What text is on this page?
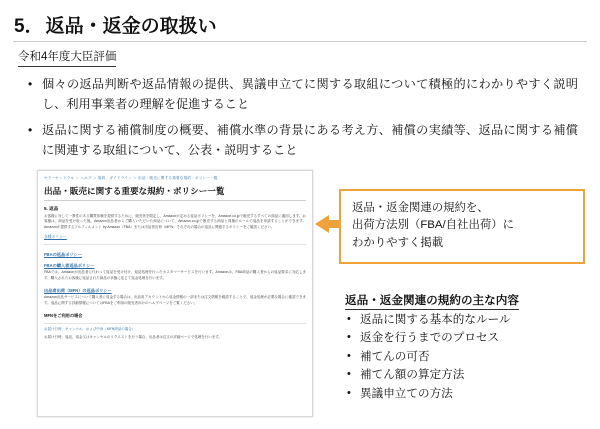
5． 返品・返金の取扱い
令和4年度大臣評価
• 個々の返品判断や返品情報の提供、異議申立てに関する取組について積極的にわかりやすく説明し、利用事業者の理解を促進すること
• 返品に関する補償制度の概要、補償水準の背景にある考え方、補償の実績等、返品に関する補償に関連する取組について、公表・説明すること
セラーセントラル ＞ ヘルプ ＞ 規約、ガイドライン ＞ 出品・販売に関する重要な規約・ポリシー一覧
出品・販売に関する重要な規約・ポリシー一覧
5. 返品
お客様に対して一貫性のある購買体験を提供するために、販売者を限定し、Amazonが定める返品ポリシーを、Amazon.co.jpで販売するすべての商品に適用します。お客様は、商品を受け取った後、Amazon出品者からご購入いただいた商品について、Amazon.co.jpで販売する商品と同様のルールで返品を申請することができます。Amazonが提供するフルフィルメント by Amazon（FBA）または出品者出荷（MFN）それぞれの場合の返品に関連するポリシーをご確認ください。
各種ポリシー
FBAの返品ポリシー
FBAの購入者返品ポリシー
FBAでは、Amazonが出品者に代わって返品を受け付け、返品処理を行ったカスタマーサービスを行います。Amazonは、FBA商品の購入者からの返品要求に対応します。購入されたお客様に返品された商品の状態に応じて返金処理を行います。
出品者出荷（MFN）の返品ポリシー
Amazon出品サービスについて購入者に返金する場合は、出品用アカウントから返金情報の一部または注文情報を確認することで、返金処理が必要な場合に確認できます。返品に関する詳細情報についてはFBAをご利用の販売者向けのヘルプページをご覧ください。
MFNをご利用の場合
お届け日時、キャンセル、および中身（MFN商品の場合）
お届け日時、返品、返金又はキャンセルのリクエストを行う場合、出品者は注文の詳細ページで処理を行います。
返品・返金関連の規約を、
出荷方法別（FBA/自社出荷）に
わかりやすく掲載
返品・返金関連の規約の主な内容
• 返品に関する基本的なルール
• 返金を行うまでのプロセス
• 補てんの可否
• 補てん額の算定方法
• 異議申立ての方法
